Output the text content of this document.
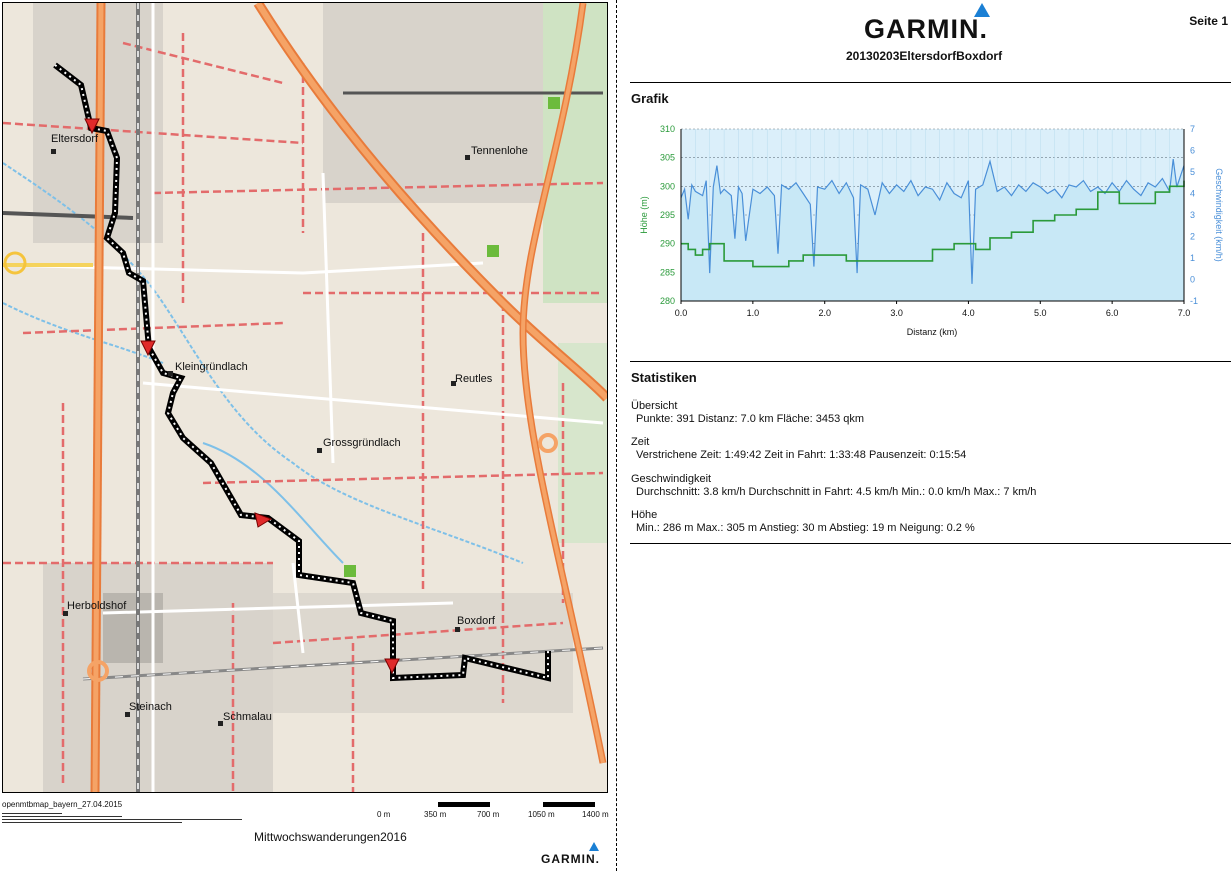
Eltersdorf
Tennenlohe
Kleingründlach
Reutles
Grossgründlach
Herboldshof
Boxdorf
Steinach
Schmalau
openmtbmap_bayern_27.04.2015
0 m	350 m	700 m	1050 m	1400 m
Mittwochswanderungen2016
GARMIN.
GARMIN.	Seite 1
20130203EltersdorfBoxdorf
Grafik
280
285
290
295
300
305
310
-1
0
1
2
3
4
5
6
7
0.0	1.0	2.0	3.0	4.0	5.0	6.0	7.0
Distanz (km)
Höhe (m)	Geschwindigkeit (km/h)
Statistiken
Übersicht
Punkte: 391 Distanz: 7.0 km Fläche: 3453 qkm
Zeit
Verstrichene Zeit: 1:49:42 Zeit in Fahrt: 1:33:48 Pausenzeit: 0:15:54
Geschwindigkeit
Durchschnitt: 3.8 km/h Durchschnitt in Fahrt: 4.5 km/h Min.: 0.0 km/h Max.: 7 km/h
Höhe
Min.: 286 m Max.: 305 m Anstieg: 30 m Abstieg: 19 m Neigung: 0.2 %
